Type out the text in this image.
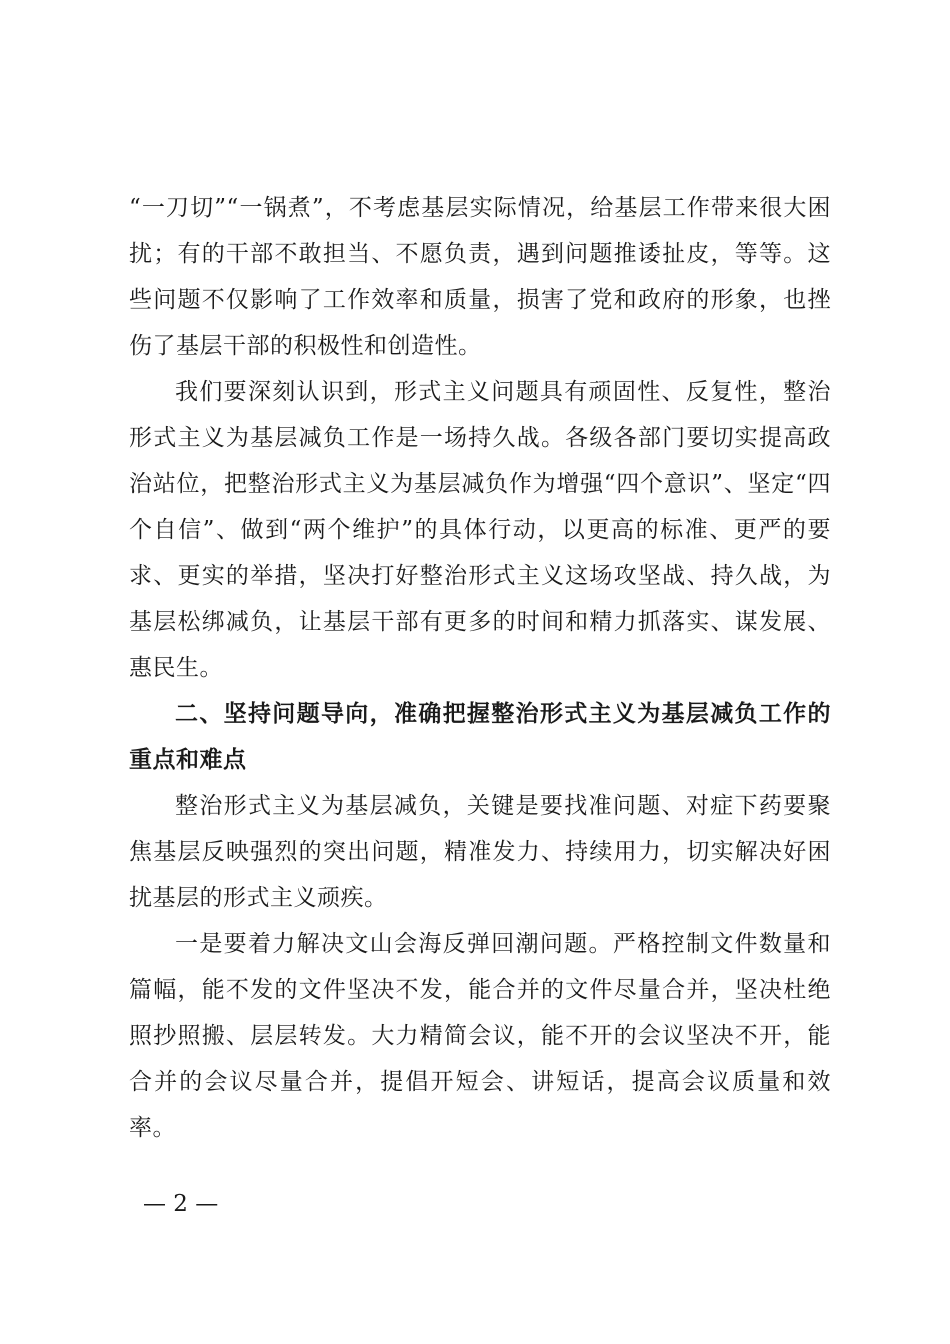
“一刀切”“一锅煮”，不考虑基层实际情况，给基层工作带来很大困扰；有的干部不敢担当、不愿负责，遇到问题推诿扯皮，等等。这些问题不仅影响了工作效率和质量，损害了党和政府的形象，也挫伤了基层干部的积极性和创造性。

我们要深刻认识到，形式主义问题具有顽固性、反复性，整治形式主义为基层减负工作是一场持久战。各级各部门要切实提高政治站位，把整治形式主义为基层减负作为增强“四个意识”、坚定“四个自信”、做到“两个维护”的具体行动，以更高的标准、更严的要求、更实的举措，坚决打好整治形式主义这场攻坚战、持久战，为基层松绑减负，让基层干部有更多的时间和精力抓落实、谋发展、惠民生。

二、坚持问题导向，准确把握整治形式主义为基层减负工作的重点和难点

整治形式主义为基层减负，关键是要找准问题、对症下药要聚焦基层反映强烈的突出问题，精准发力、持续用力，切实解决好困扰基层的形式主义顽疾。

一是要着力解决文山会海反弹回潮问题。严格控制文件数量和篇幅，能不发的文件坚决不发，能合并的文件尽量合并，坚决杜绝照抄照搬、层层转发。大力精简会议，能不开的会议坚决不开，能合并的会议尽量合并，提倡开短会、讲短话，提高会议质量和效率。

— 2 —
